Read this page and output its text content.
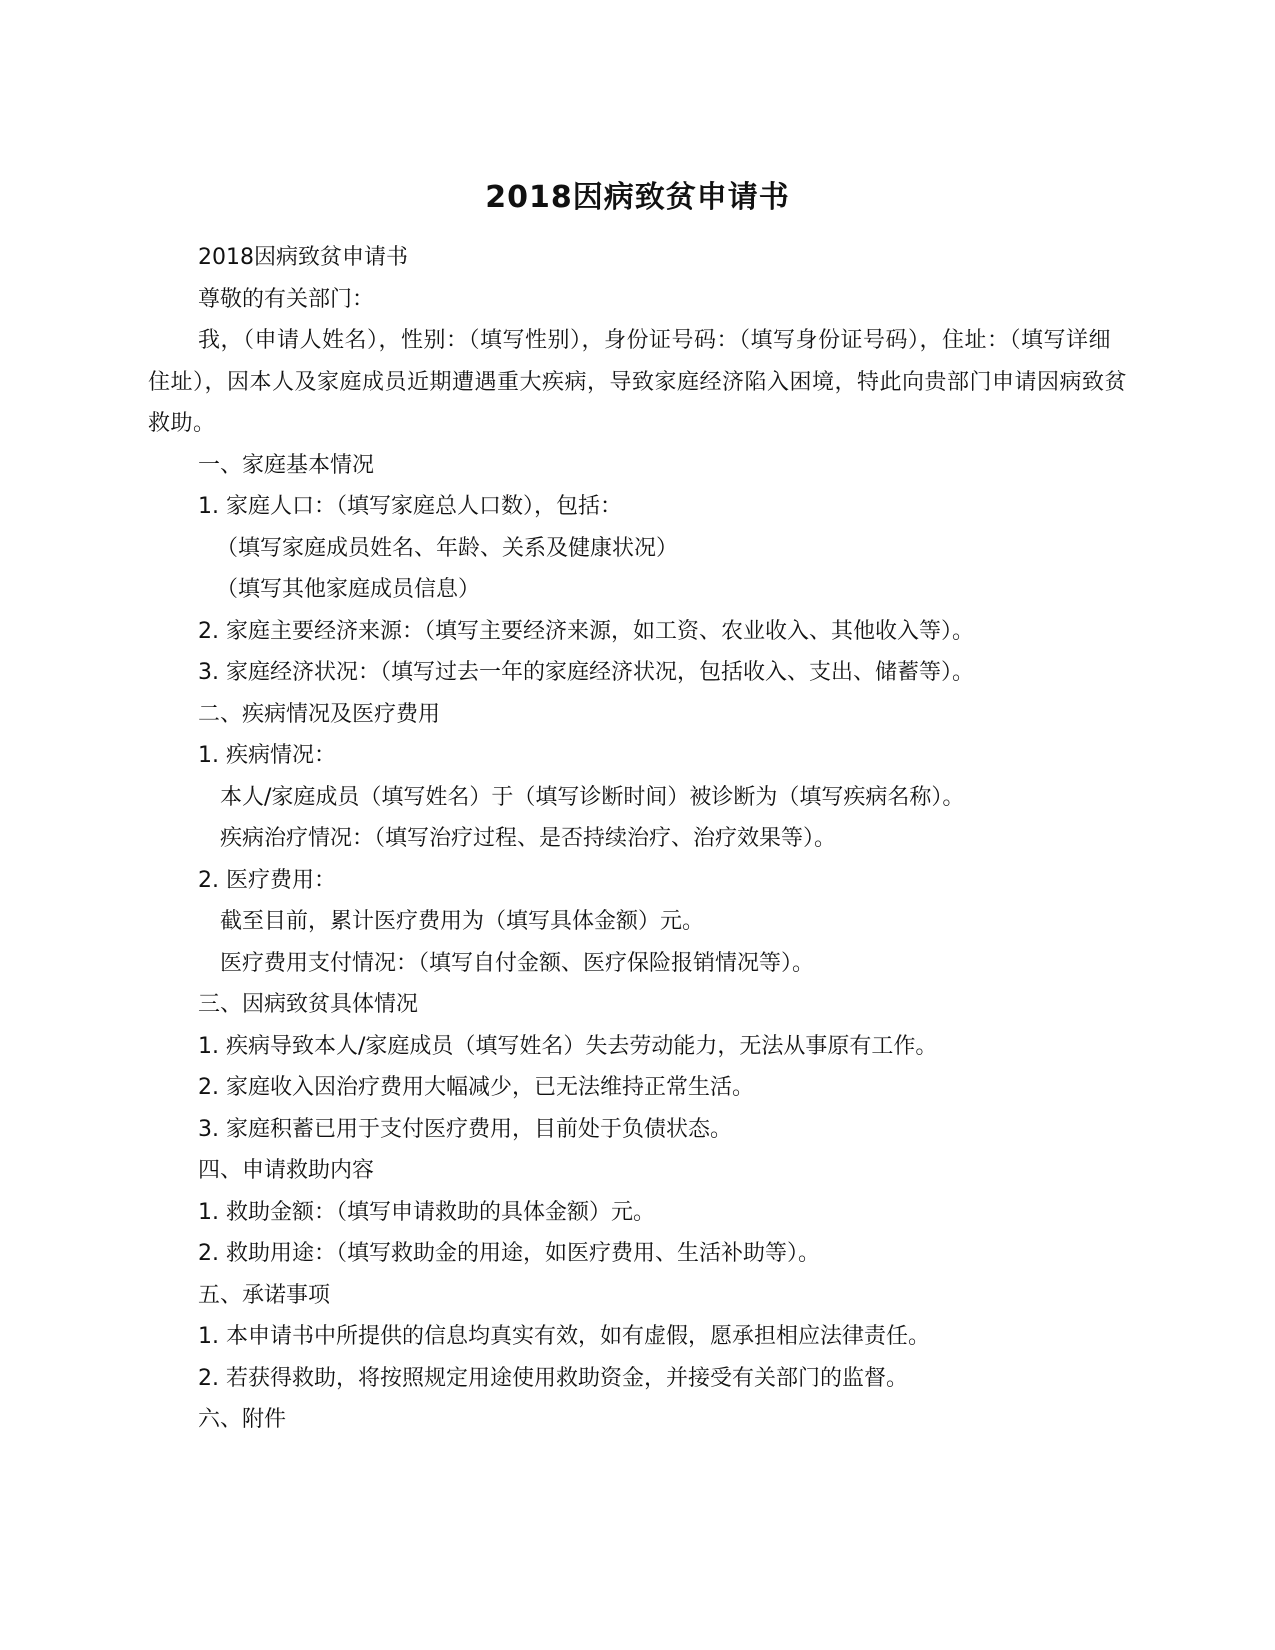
2018因病致贫申请书
2018因病致贫申请书
尊敬的有关部门：
我，（申请人姓名），性别：（填写性别），身份证号码：（填写身份证号码），住址：（填写详细住址），因本人及家庭成员近期遭遇重大疾病，导致家庭经济陷入困境，特此向贵部门申请因病致贫救助。
一、家庭基本情况
1. 家庭人口：（填写家庭总人口数），包括：
（填写家庭成员姓名、年龄、关系及健康状况）
（填写其他家庭成员信息）
2. 家庭主要经济来源：（填写主要经济来源，如工资、农业收入、其他收入等）。
3. 家庭经济状况：（填写过去一年的家庭经济状况，包括收入、支出、储蓄等）。
二、疾病情况及医疗费用
1. 疾病情况：
本人/家庭成员（填写姓名）于（填写诊断时间）被诊断为（填写疾病名称）。
疾病治疗情况：（填写治疗过程、是否持续治疗、治疗效果等）。
2. 医疗费用：
截至目前，累计医疗费用为（填写具体金额）元。
医疗费用支付情况：（填写自付金额、医疗保险报销情况等）。
三、因病致贫具体情况
1. 疾病导致本人/家庭成员（填写姓名）失去劳动能力，无法从事原有工作。
2. 家庭收入因治疗费用大幅减少，已无法维持正常生活。
3. 家庭积蓄已用于支付医疗费用，目前处于负债状态。
四、申请救助内容
1. 救助金额：（填写申请救助的具体金额）元。
2. 救助用途：（填写救助金的用途，如医疗费用、生活补助等）。
五、承诺事项
1. 本申请书中所提供的信息均真实有效，如有虚假，愿承担相应法律责任。
2. 若获得救助，将按照规定用途使用救助资金，并接受有关部门的监督。
六、附件
